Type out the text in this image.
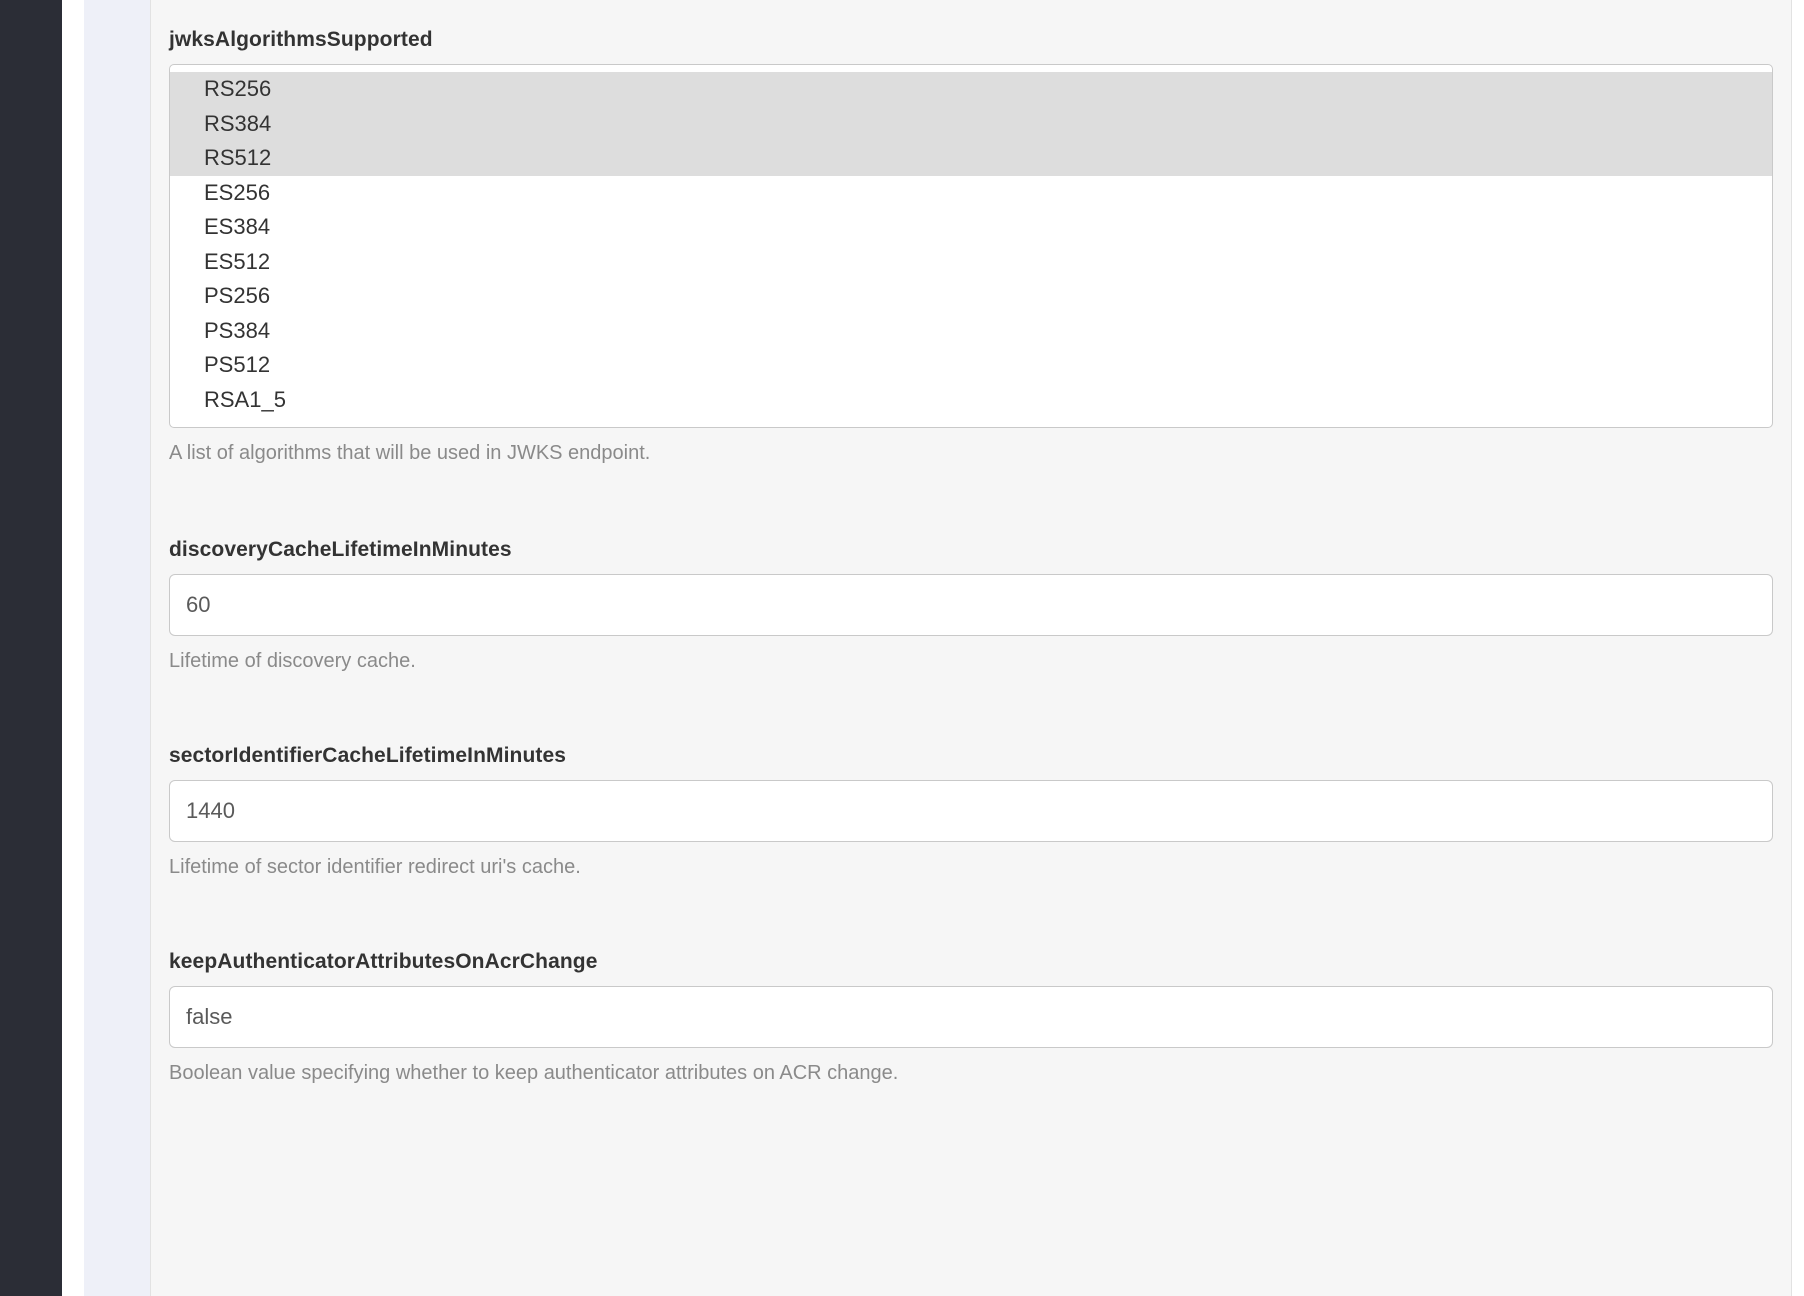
jwksAlgorithmsSupported
RS256
RS384
RS512
ES256
ES384
ES512
PS256
PS384
PS512
RSA1_5
A list of algorithms that will be used in JWKS endpoint.
discoveryCacheLifetimeInMinutes
60
Lifetime of discovery cache.
sectorIdentifierCacheLifetimeInMinutes
1440
Lifetime of sector identifier redirect uri's cache.
keepAuthenticatorAttributesOnAcrChange
false
Boolean value specifying whether to keep authenticator attributes on ACR change.
